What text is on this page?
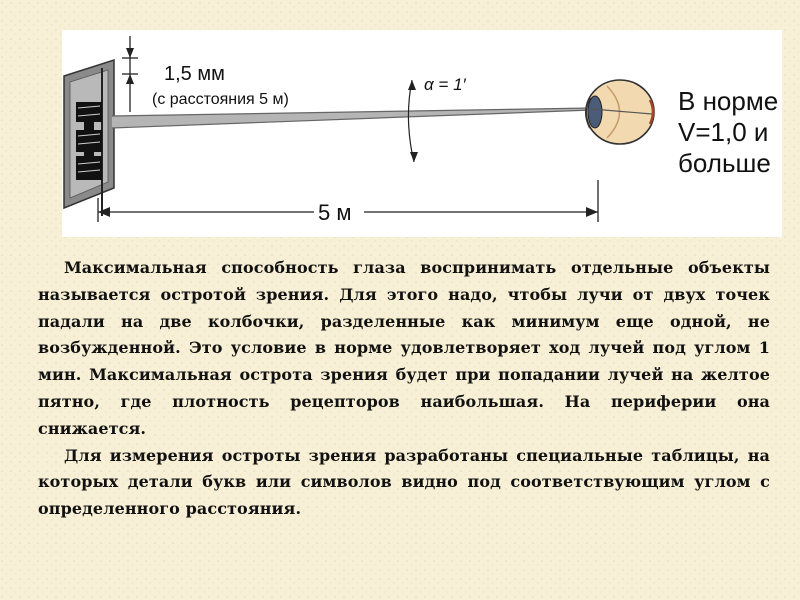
1,5 мм
(с расстояния 5 м)
α = 1′
5 м
В норме
V=1,0 и
больше

Максимальная способность глаза воспринимать отдельные объекты называется остротой зрения. Для этого надо, чтобы лучи от двух точек падали на две колбочки, разделенные как минимум еще одной, не возбужденной. Это условие в норме удовлетворяет ход лучей под углом 1 мин. Максимальная острота зрения будет при попадании лучей на желтое пятно, где плотность рецепторов наибольшая. На периферии она снижается.

Для измерения остроты зрения разработаны специальные таблицы, на которых детали букв или символов видно под соответствующим углом с определенного расстояния.
